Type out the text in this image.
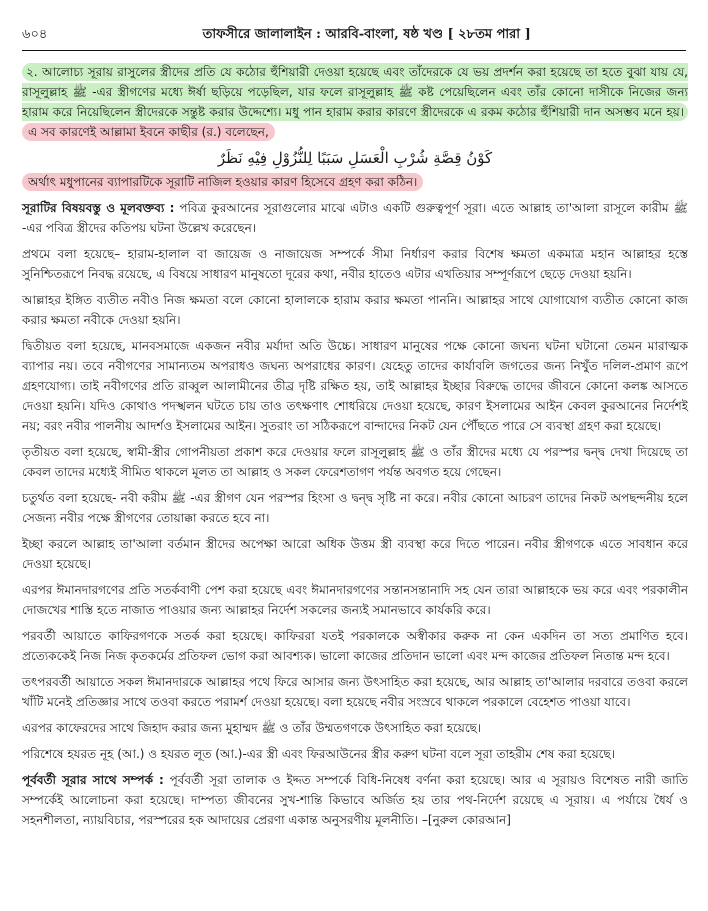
৬০৪	তাফসীরে জালালাইন : আরবি-বাংলা, ষষ্ঠ খণ্ড [ ২৮তম পারা ]

২. আলোচ্য সূরায় রাসুলের স্ত্রীদের প্রতি যে কঠোর হুঁশিয়ারী দেওয়া হয়েছে এবং তাঁদেরকে যে ভয় প্রদর্শন করা হয়েছে তা হতে বুঝা যায় যে, রাসূলুল্লাহ ﷺ -এর স্ত্রীগণের মধ্যে ঈর্ষা ছড়িয়ে পড়েছিল, যার ফলে রাসূলুল্লাহ ﷺ কষ্ট পেয়েছিলেন এবং তাঁর কোনো দাসীকে নিজের জন্য হারাম করে নিয়েছিলেন স্ত্রীদেরকে সন্তুষ্ট করার উদ্দেশ্যে। মধু পান হারাম করার কারণে স্ত্রীদেরকে এ রকম কঠোর হুঁশিয়ারী দান অসম্ভব মনে হয়। এ সব কারণেই আল্লামা ইবনে কাছীর (র.) বলেছেন,

كَوْنُ قِصَّةِ شُرْبِ الْعَسَلِ سَبَبًا لِلنُّزُوْلِ فِيْهِ نَظَرٌ

অর্থাৎ মধুপানের ব্যাপারটিকে সূরাটি নাজিল হওয়ার কারণ হিসেবে গ্রহণ করা কঠিন।

সূরাটির বিষয়বস্তু ও মূলবক্তব্য : পবিত্র কুরআনের সূরাগুলোর মাঝে এটাও একটি গুরুত্বপূর্ণ সূরা। এতে আল্লাহ তা'আলা রাসূলে কারীম ﷺ -এর পবিত্র স্ত্রীদের কতিপয় ঘটনা উল্লেখ করেছেন।

প্রথমে বলা হয়েছে– হারাম-হালাল বা জায়েজ ও নাজায়েজ সম্পর্কে সীমা নির্ধারণ করার বিশেষ ক্ষমতা একমাত্র মহান আল্লাহর হস্তে সুনিশ্চিতরূপে নিবদ্ধ রয়েছে, এ বিষয়ে সাধারণ মানুষতো দূরের কথা, নবীর হাতেও এটার এখতিয়ার সম্পূর্ণরূপে ছেড়ে দেওয়া হয়নি।

আল্লাহর ইঙ্গিত ব্যতীত নবীও নিজ ক্ষমতা বলে কোনো হালালকে হারাম করার ক্ষমতা পাননি। আল্লাহর সাথে যোগাযোগ ব্যতীত কোনো কাজ করার ক্ষমতা নবীকে দেওয়া হয়নি।

দ্বিতীয়ত বলা হয়েছে, মানবসমাজে একজন নবীর মর্যাদা অতি উচ্চে। সাধারণ মানুষের পক্ষে কোনো জঘন্য ঘটনা ঘটানো তেমন মারাত্মক ব্যাপার নয়। তবে নবীগণের সামান্যতম অপরাধও জঘন্য অপরাধের কারণ। যেহেতু তাদের কার্যাবলি জগতের জন্য নিখুঁত দলিল-প্রমাণ রূপে গ্রহণযোগ্য। তাই নবীগণের প্রতি রাব্বুল আলামীনের তীব্র দৃষ্টি রক্ষিত হয়, তাই আল্লাহর ইচ্ছার বিরুদ্ধে তাদের জীবনে কোনো কলঙ্ক আসতে দেওয়া হয়নি। যদিও কোথাও পদস্খলন ঘটতে চায় তাও তৎক্ষণাৎ শোধরিয়ে দেওয়া হয়েছে, কারণ ইসলামের আইন কেবল কুরআনের নির্দেশই নয়; বরং নবীর পালনীয় আদর্শও ইসলামের আইন। সুতরাং তা সঠিকরূপে বান্দাদের নিকট যেন পৌঁছতে পারে সে ব্যবস্থা গ্রহণ করা হয়েছে।

তৃতীয়ত বলা হয়েছে, স্বামী-স্ত্রীর গোপনীয়তা প্রকাশ করে দেওয়ার ফলে রাসূলুল্লাহ ﷺ ও তাঁর স্ত্রীদের মধ্যে যে পরস্পর দ্বন্দ্ব দেখা দিয়েছে তা কেবল তাদের মধ্যেই সীমিত থাকলে মূলত তা আল্লাহ ও সকল ফেরেশতাগণ পর্যন্ত অবগত হয়ে গেছেন।

চতুর্থত বলা হয়েছে- নবী করীম ﷺ -এর স্ত্রীগণ যেন পরস্পর হিংসা ও দ্বন্দ্ব সৃষ্টি না করে। নবীর কোনো আচরণ তাদের নিকট অপছন্দনীয় হলে সেজন্য নবীর পক্ষে স্ত্রীগণের তোয়াক্কা করতে হবে না।

ইচ্ছা করলে আল্লাহ তা'আলা বর্তমান স্ত্রীদের অপেক্ষা আরো অধিক উত্তম স্ত্রী ব্যবস্থা করে দিতে পারেন। নবীর স্ত্রীগণকে এতে সাবধান করে দেওয়া হয়েছে।

এরপর ঈমানদারগণের প্রতি সতর্কবাণী পেশ করা হয়েছে এবং ঈমানদারগণের সন্তানসন্তানাদি সহ যেন তারা আল্লাহকে ভয় করে এবং পরকালীন দোজখের শাস্তি হতে নাজাত পাওয়ার জন্য আল্লাহর নির্দেশ সকলের জন্যই সমানভাবে কার্যকরি করে।

পরবর্তী আয়াতে কাফিরগণকে সতর্ক করা হয়েছে। কাফিররা যতই পরকালকে অস্বীকার করুক না কেন একদিন তা সত্য প্রমাণিত হবে। প্রত্যেককেই নিজ নিজ কৃতকর্মের প্রতিফল ভোগ করা আবশ্যক। ভালো কাজের প্রতিদান ভালো এবং মন্দ কাজের প্রতিফল নিতান্ত মন্দ হবে।

তৎপরবর্তী আয়াতে সকল ঈমানদারকে আল্লাহর পথে ফিরে আসার জন্য উৎসাহিত করা হয়েছে, আর আল্লাহ তা'আলার দরবারে তওবা করলে খাঁটি মনেই প্রতিজ্ঞার সাথে তওবা করতে পরামর্শ দেওয়া হয়েছে। বলা হয়েছে নবীর সংস্রবে থাকলে পরকালে বেহেশত পাওয়া যাবে।

এরপর কাফেরদের সাথে জিহাদ করার জন্য মুহাম্মদ ﷺ ও তাঁর উম্মতগণকে উৎসাহিত করা হয়েছে।

পরিশেষে হযরত নূহ (আ.) ও হযরত লূত (আ.)-এর স্ত্রী এবং ফিরআউনের স্ত্রীর করুণ ঘটনা বলে সূরা তাহরীম শেষ করা হয়েছে।

পূর্ববর্তী সূরার সাথে সম্পর্ক : পূর্ববর্তী সূরা তালাক ও ইদ্দত সম্পর্কে বিধি-নিষেধ বর্ণনা করা হয়েছে। আর এ সূরায়ও বিশেষত নারী জাতি সম্পর্কেই আলোচনা করা হয়েছে। দাম্পত্য জীবনের সুখ-শান্তি কিভাবে অর্জিত হয় তার পথ-নির্দেশ রয়েছে এ সূরায়। এ পর্যায়ে ধৈর্য ও সহনশীলতা, ন্যায়বিচার, পরস্পরের হক আদায়ের প্রেরণা একান্ত অনুসরণীয় মূলনীতি। –[নুরুল কোরআন]
